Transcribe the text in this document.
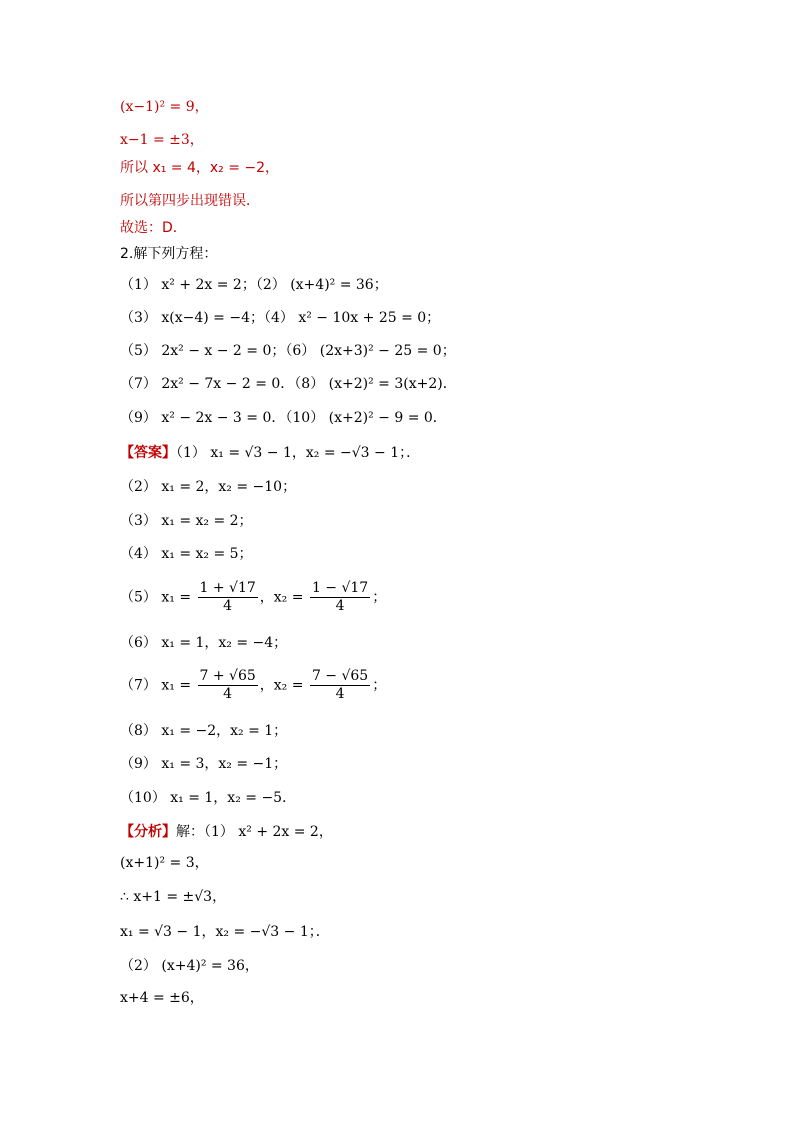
(x−1)² = 9，
x−1 = ±3，
所以 x₁ = 4，x₂ = −2，
所以第四步出现错误．
故选：D．
2.解下列方程：
（1） x² + 2x = 2；（2） (x+4)² = 36；
（3） x(x−4) = −4；（4） x² − 10x + 25 = 0；
（5） 2x² − x − 2 = 0；（6） (2x+3)² − 25 = 0；
（7） 2x² − 7x − 2 = 0．（8） (x+2)² = 3(x+2)．
（9） x² − 2x − 3 = 0．（10） (x+2)² − 9 = 0．
【答案】（1） x₁ = √3 − 1，x₂ = −√3 − 1；．
（2） x₁ = 2，x₂ = −10；
（3） x₁ = x₂ = 2；
（4） x₁ = x₂ = 5；
（5） $x_1 = \frac{1 + √17}{4}$ ，$x_2 = \frac{1 - √17}{4}$ ；
（6） x₁ = 1，x₂ = −4；
（7） $x_1 = \frac{7 + √65}{4}$ ，$x_2 = \frac{7 - √65}{4}$ ；
（8） x₁ = −2，x₂ = 1；
（9） x₁ = 3，x₂ = −1；
（10） x₁ = 1，x₂ = −5．
【分析】解：（1） x² + 2x = 2，
(x+1)² = 3，
∴ x+1 = ±√3，
x₁ = √3 − 1，x₂ = −√3 − 1；．
（2） (x+4)² = 36，
x+4 = ±6，
